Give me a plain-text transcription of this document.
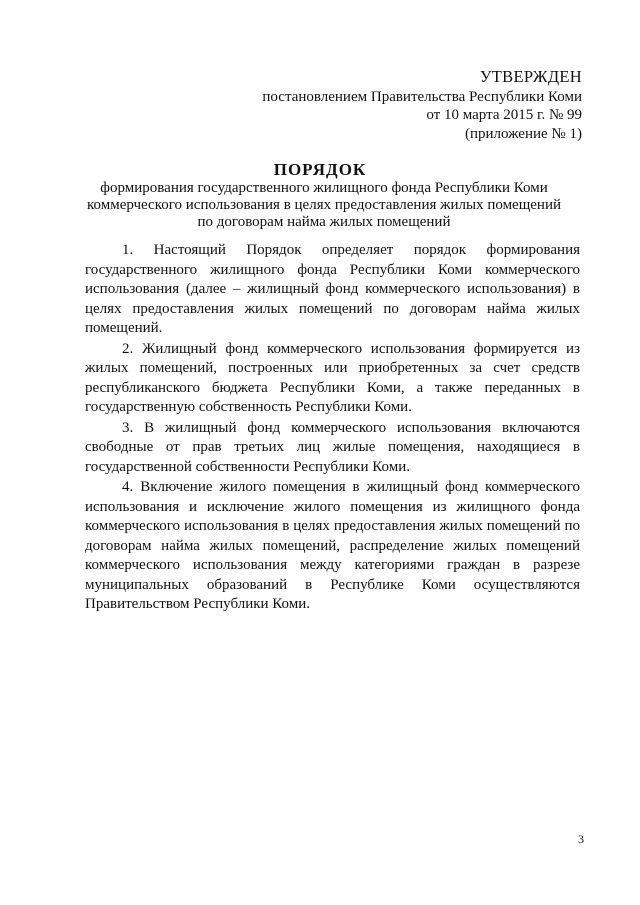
УТВЕРЖДЕН
постановлением Правительства Республики Коми
от 10 марта 2015 г. № 99
(приложение № 1)
ПОРЯДОК
формирования государственного жилищного фонда Республики Коми
коммерческого использования в целях предоставления жилых помещений
по договорам найма жилых помещений

1. Настоящий Порядок определяет порядок формирования государственного жилищного фонда Республики Коми коммерческого использования (далее – жилищный фонд коммерческого использования) в целях предоставления жилых помещений по договорам найма жилых помещений.

2. Жилищный фонд коммерческого использования формируется из жилых помещений, построенных или приобретенных за счет средств республиканского бюджета Республики Коми, а также переданных в государственную собственность Республики Коми.

3. В жилищный фонд коммерческого использования включаются свободные от прав третьих лиц жилые помещения, находящиеся в государственной собственности Республики Коми.

4. Включение жилого помещения в жилищный фонд коммерческого использования и исключение жилого помещения из жилищного фонда коммерческого использования в целях предоставления жилых помещений по договорам найма жилых помещений, распределение жилых помещений коммерческого использования между категориями граждан в разрезе муниципальных образований в Республике Коми осуществляются Правительством Республики Коми.

3
